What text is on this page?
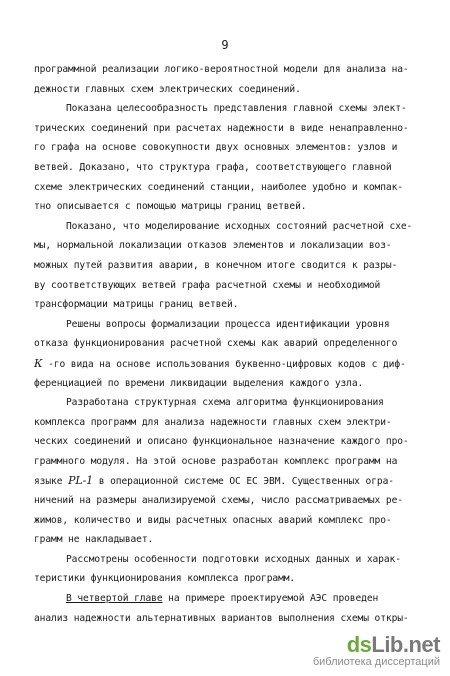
9
программной реализации логико-вероятностной модели для анализа на-
дежности главных схем электрических соединений.
Показана целесообразность представления главной схемы элект-
трических соединений при расчетах надежности в виде ненаправленно-
го графа на основе совокупности двух основных элементов: узлов и
ветвей. Доказано, что структура графа, соответствующего главной
схеме электрических соединений станции, наиболее удобно и компак-
тно описывается с помощью матрицы границ ветвей.
Показано, что моделирование исходных состояний расчетной схе-
мы, нормальной локализации отказов элементов и локализации воз-
можных путей развития аварии, в конечном итоге сводится к разры-
ву соответствующих ветвей графа расчетной схемы и необходимой
трансформации матрицы границ ветвей.
Решены вопросы формализации процесса идентификации уровня
отказа функционирования расчетной схемы как аварий определенного
К -го вида на основе использования буквенно-цифровых кодов с диф-
ференциацией по времени ликвидации выделения каждого узла.
Разработана структурная схема алгоритма функционирования
комплекса программ для анализа надежности главных схем электри-
ческих соединений и описано функциональное назначение каждого про-
граммного модуля. На этой основе разработан комплекс программ на
языке PL-1 в операционной системе ОС ЕС ЭВМ. Существенных огра-
ничений на размеры анализируемой схемы, число рассматриваемых ре-
жимов, количество и виды расчетных опасных аварий комплекс про-
грамм не накладывает.
Рассмотрены особенности подготовки исходных данных и харак-
теристики функционирования комплекса программ.
В четвертой главе на примере проектируемой АЭС проведен
анализ надежности альтернативных вариантов выполнения схемы откры-
dsLib.net
библиотека диссертаций
